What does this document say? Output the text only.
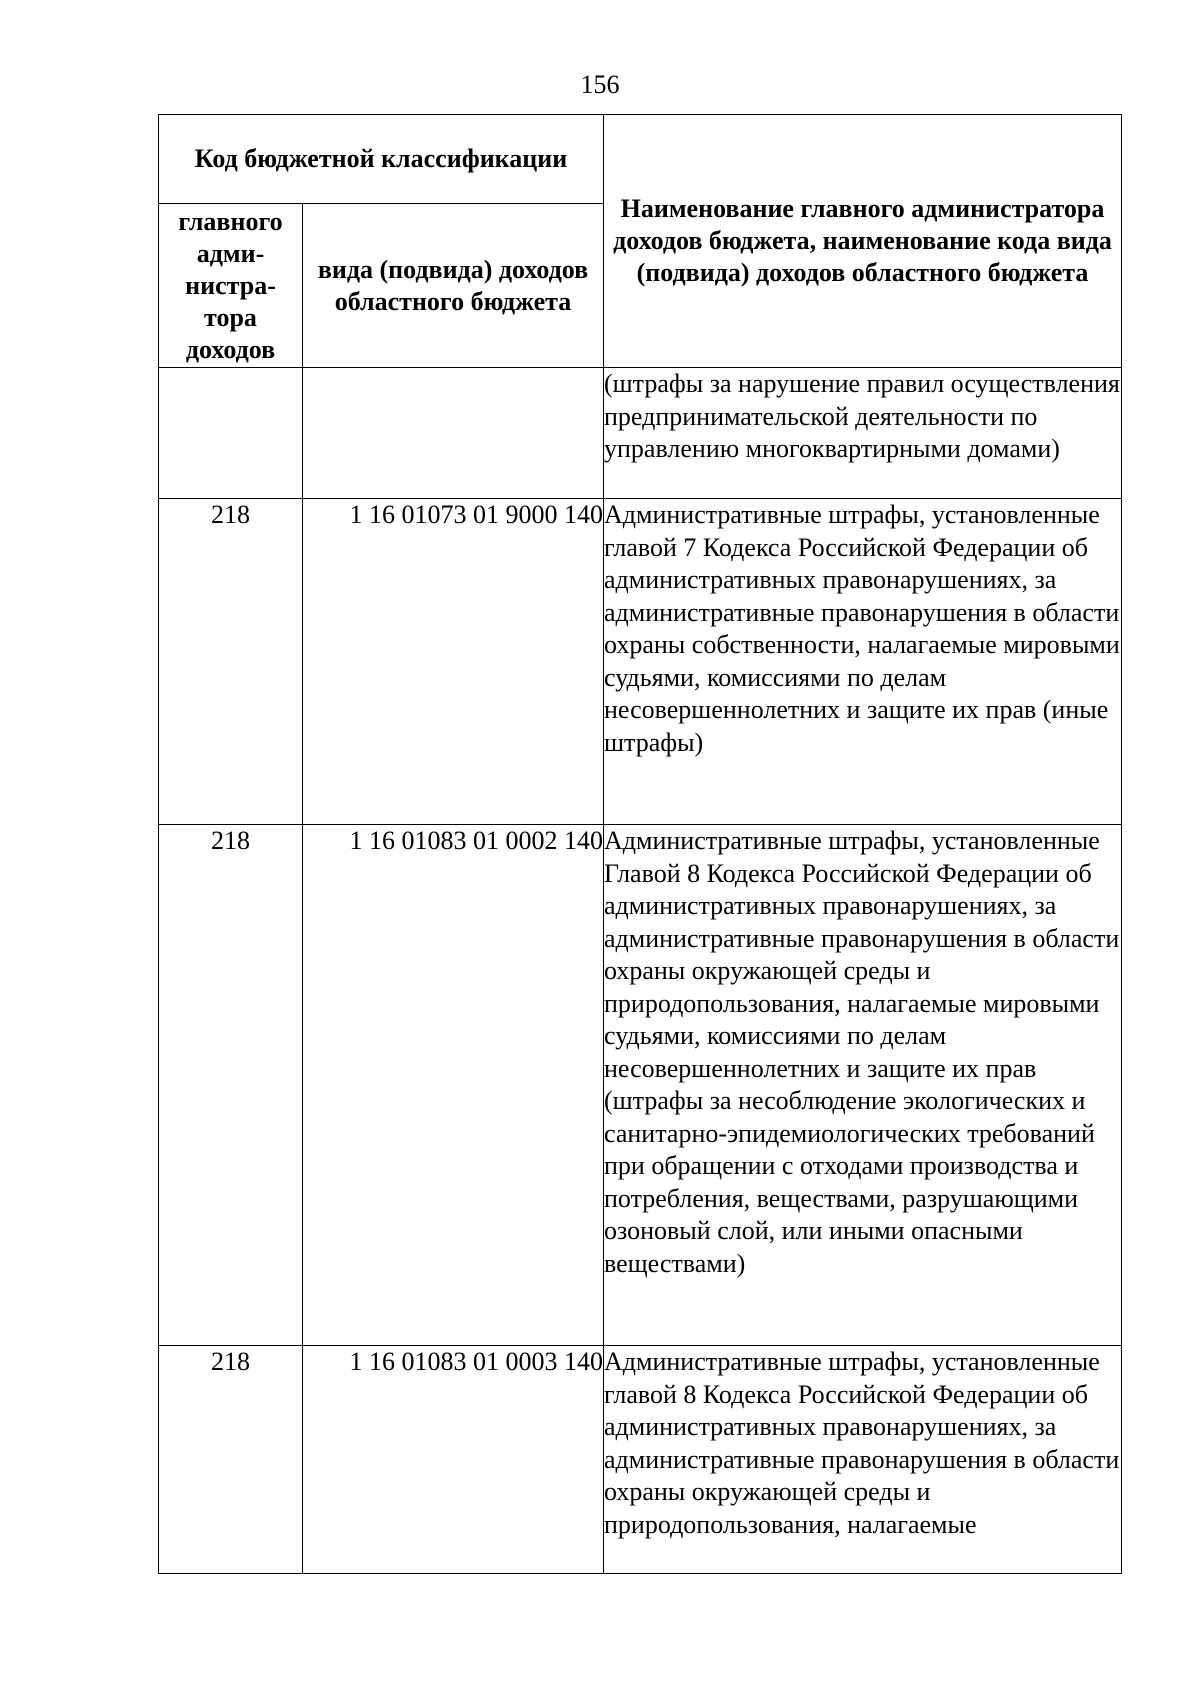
156
Код бюджетной классификации		Наименование главного администратора доходов бюджета, наименование кода вида (подвида) доходов областного бюджета
главного адми-нистра-тора доходов	вида (подвида) доходов областного бюджета	
		(штрафы за нарушение правил осуществления предпринимательской деятельности по управлению многоквартирными домами)
218	1 16 01073 01 9000 140	Административные штрафы, установленные главой 7 Кодекса Российской Федерации об административных правонарушениях, за административные правонарушения в области охраны собственности, налагаемые мировыми судьями, комиссиями по делам несовершеннолетних и защите их прав (иные штрафы)
218	1 16 01083 01 0002 140	Административные штрафы, установленные Главой 8 Кодекса Российской Федерации об административных правонарушениях, за административные правонарушения в области охраны окружающей среды и природопользования, налагаемые мировыми судьями, комиссиями по делам несовершеннолетних и защите их прав (штрафы за несоблюдение экологических и санитарно-эпидемиологических требований при обращении с отходами производства и потребления, веществами, разрушающими озоновый слой, или иными опасными веществами)
218	1 16 01083 01 0003 140	Административные штрафы, установленные главой 8 Кодекса Российской Федерации об административных правонарушениях, за административные правонарушения в области охраны окружающей среды и природопользования, налагаемые
